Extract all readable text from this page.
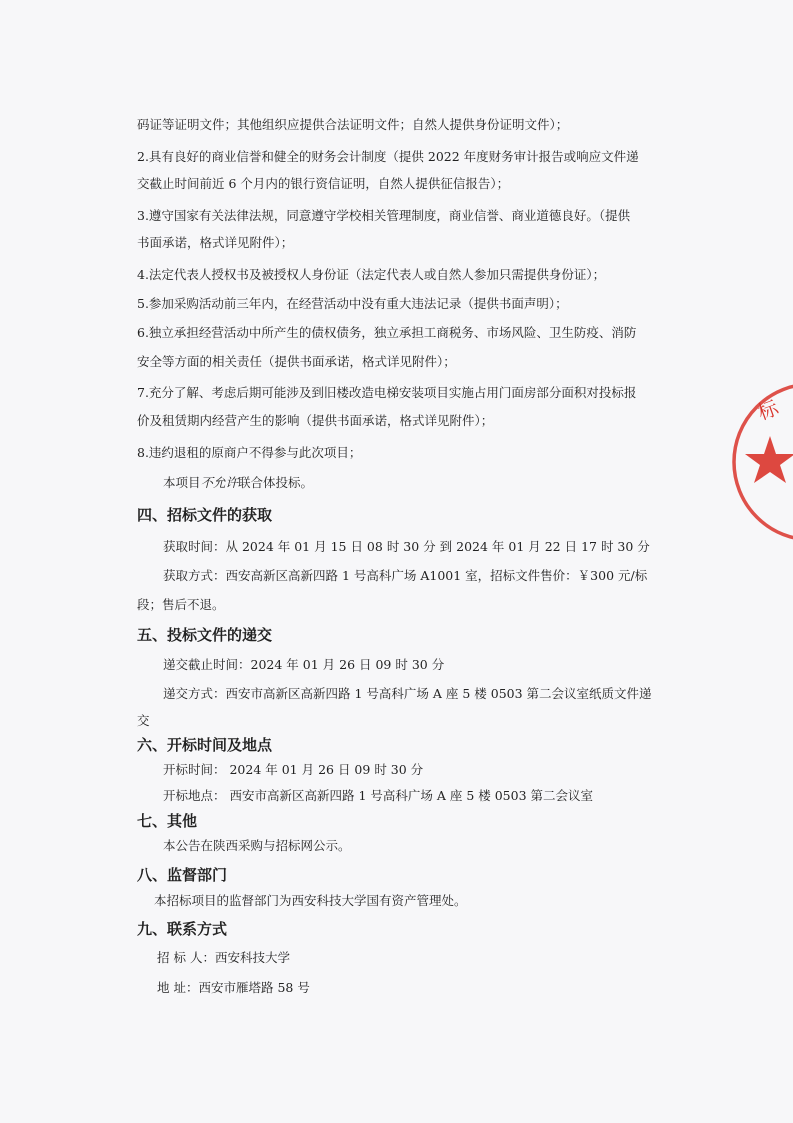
码证等证明文件；其他组织应提供合法证明文件；自然人提供身份证明文件）；
2.具有良好的商业信誉和健全的财务会计制度（提供 2022 年度财务审计报告或响应文件递
交截止时间前近 6 个月内的银行资信证明，自然人提供征信报告）；
3.遵守国家有关法律法规，同意遵守学校相关管理制度，商业信誉、商业道德良好。（提供
书面承诺，格式详见附件）；
4.法定代表人授权书及被授权人身份证（法定代表人或自然人参加只需提供身份证）；
5.参加采购活动前三年内，在经营活动中没有重大违法记录（提供书面声明）；
6.独立承担经营活动中所产生的债权债务，独立承担工商税务、市场风险、卫生防疫、消防
安全等方面的相关责任（提供书面承诺，格式详见附件）；
7.充分了解、考虑后期可能涉及到旧楼改造电梯安装项目实施占用门面房部分面积对投标报
价及租赁期内经营产生的影响（提供书面承诺，格式详见附件）；
8.违约退租的原商户不得参与此次项目；
本项目不允许联合体投标。
四、招标文件的获取
获取时间：从 2024 年 01 月 15 日 08 时 30 分 到 2024 年 01 月 22 日 17 时 30 分
获取方式：西安高新区高新四路 1 号高科广场 A1001 室，招标文件售价：￥300 元/标
段；售后不退。
五、投标文件的递交
递交截止时间：2024 年 01 月 26 日 09 时 30 分
递交方式：西安市高新区高新四路 1 号高科广场 A 座 5 楼 0503 第二会议室纸质文件递
交
六、开标时间及地点
开标时间： 2024 年 01 月 26 日 09 时 30 分
开标地点： 西安市高新区高新四路 1 号高科广场 A 座 5 楼 0503 第二会议室
七、其他
本公告在陕西采购与招标网公示。
八、监督部门
本招标项目的监督部门为西安科技大学国有资产管理处。
九、联系方式
招 标 人：西安科技大学
地 址：西安市雁塔路 58 号
标
